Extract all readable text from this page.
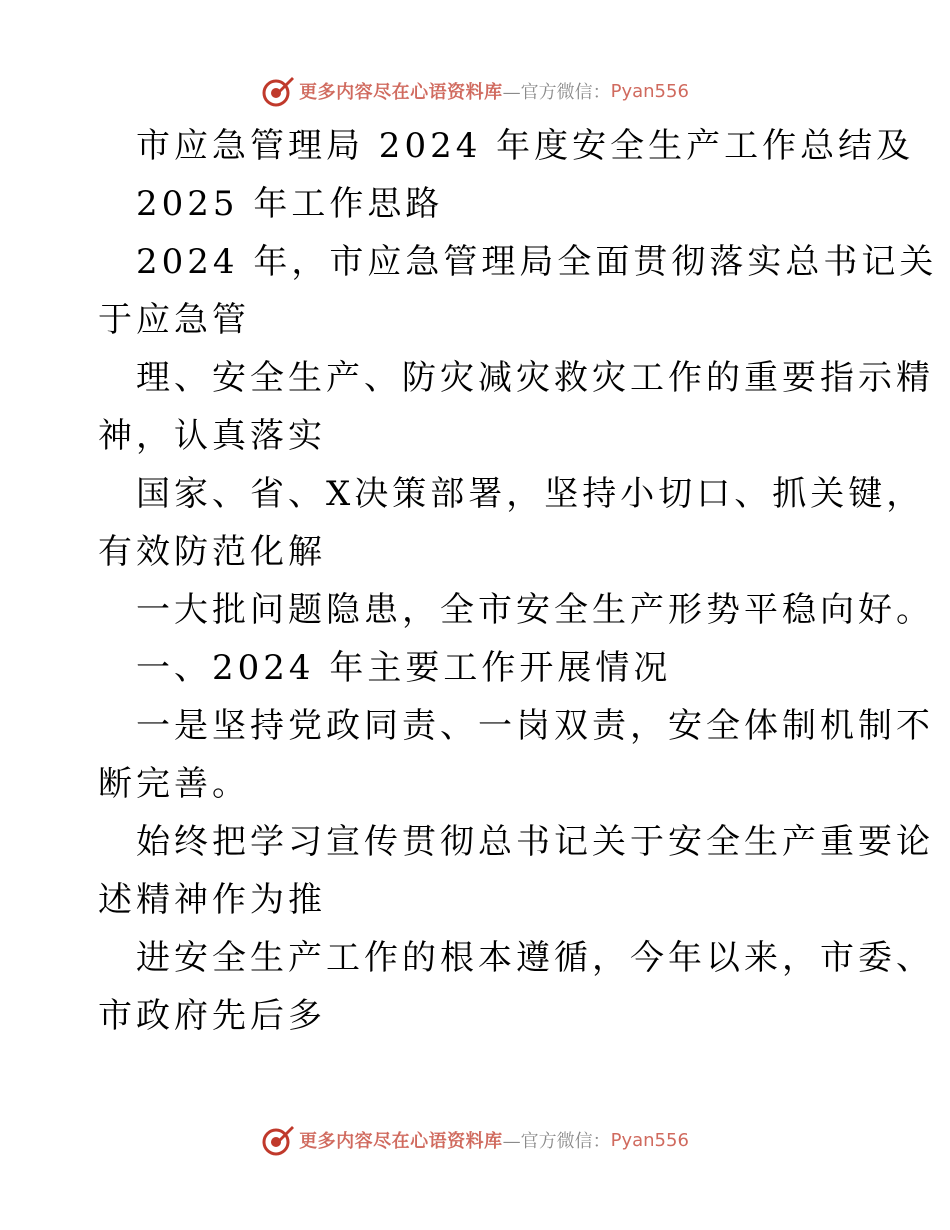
更多内容尽在心语资料库 —官方微信： Pyan556
市应急管理局 2024 年度安全生产工作总结及
2025 年工作思路
2024 年，市应急管理局全面贯彻落实总书记关
于应急管
理、安全生产、防灾减灾救灾工作的重要指示精
神，认真落实
国家、省、X决策部署，坚持小切口、抓关键，
有效防范化解
一大批问题隐患，全市安全生产形势平稳向好。
一、2024 年主要工作开展情况
一是坚持党政同责、一岗双责，安全体制机制不
断完善。
始终把学习宣传贯彻总书记关于安全生产重要论
述精神作为推
进安全生产工作的根本遵循，今年以来，市委、
市政府先后多
更多内容尽在心语资料库 —官方微信： Pyan556
